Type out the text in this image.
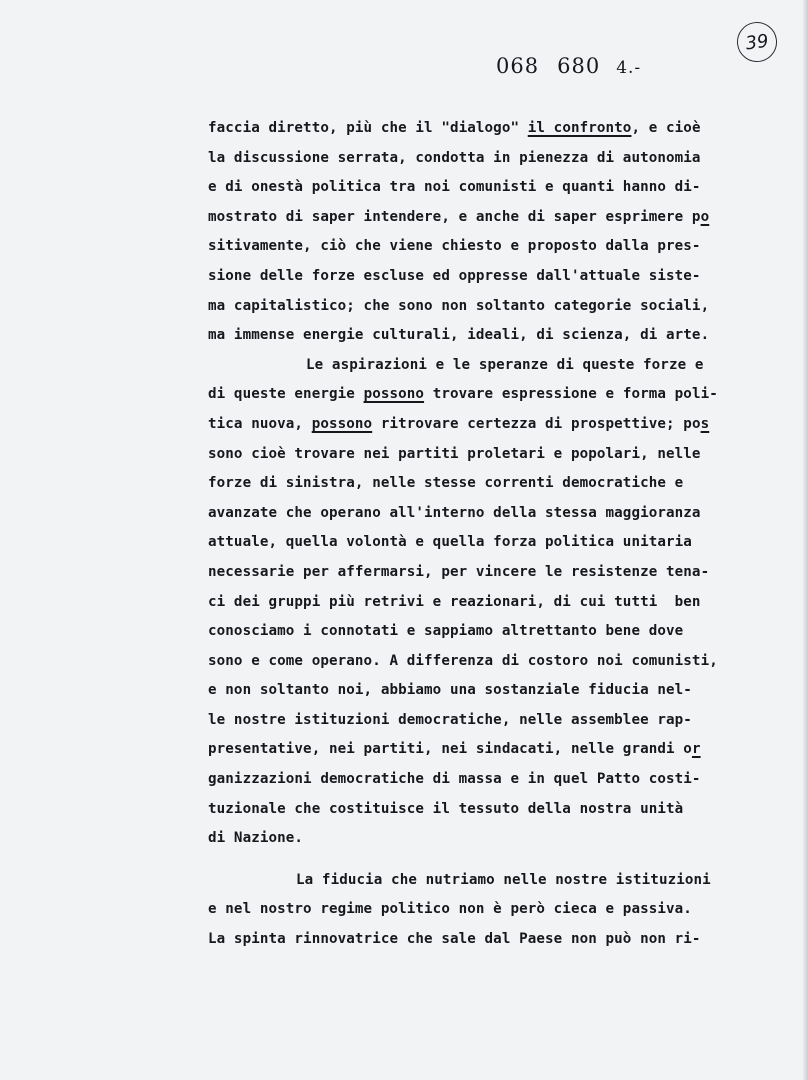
068 680 4.-
39
faccia diretto, più che il "dialogo" il confronto, e cioè
la discussione serrata, condotta in pienezza di autonomia
e di onestà politica tra noi comunisti e quanti hanno di-
mostrato di saper intendere, e anche di saper esprimere po
sitivamente, ciò che viene chiesto e proposto dalla pres-
sione delle forze escluse ed oppresse dall'attuale siste-
ma capitalistico; che sono non soltanto categorie sociali,
ma immense energie culturali, ideali, di scienza, di arte.
Le aspirazioni e le speranze di queste forze e
di queste energie possono trovare espressione e forma poli-
tica nuova, possono ritrovare certezza di prospettive; pos
sono cioè trovare nei partiti proletari e popolari, nelle
forze di sinistra, nelle stesse correnti democratiche e
avanzate che operano all'interno della stessa maggioranza
attuale, quella volontà e quella forza politica unitaria
necessarie per affermarsi, per vincere le resistenze tena-
ci dei gruppi più retrivi e reazionari, di cui tutti  ben
conosciamo i connotati e sappiamo altrettanto bene dove
sono e come operano. A differenza di costoro noi comunisti,
e non soltanto noi, abbiamo una sostanziale fiducia nel-
le nostre istituzioni democratiche, nelle assemblee rap-
presentative, nei partiti, nei sindacati, nelle grandi or
ganizzazioni democratiche di massa e in quel Patto costi-
tuzionale che costituisce il tessuto della nostra unità
di Nazione.
La fiducia che nutriamo nelle nostre istituzioni
e nel nostro regime politico non è però cieca e passiva.
La spinta rinnovatrice che sale dal Paese non può non ri-
